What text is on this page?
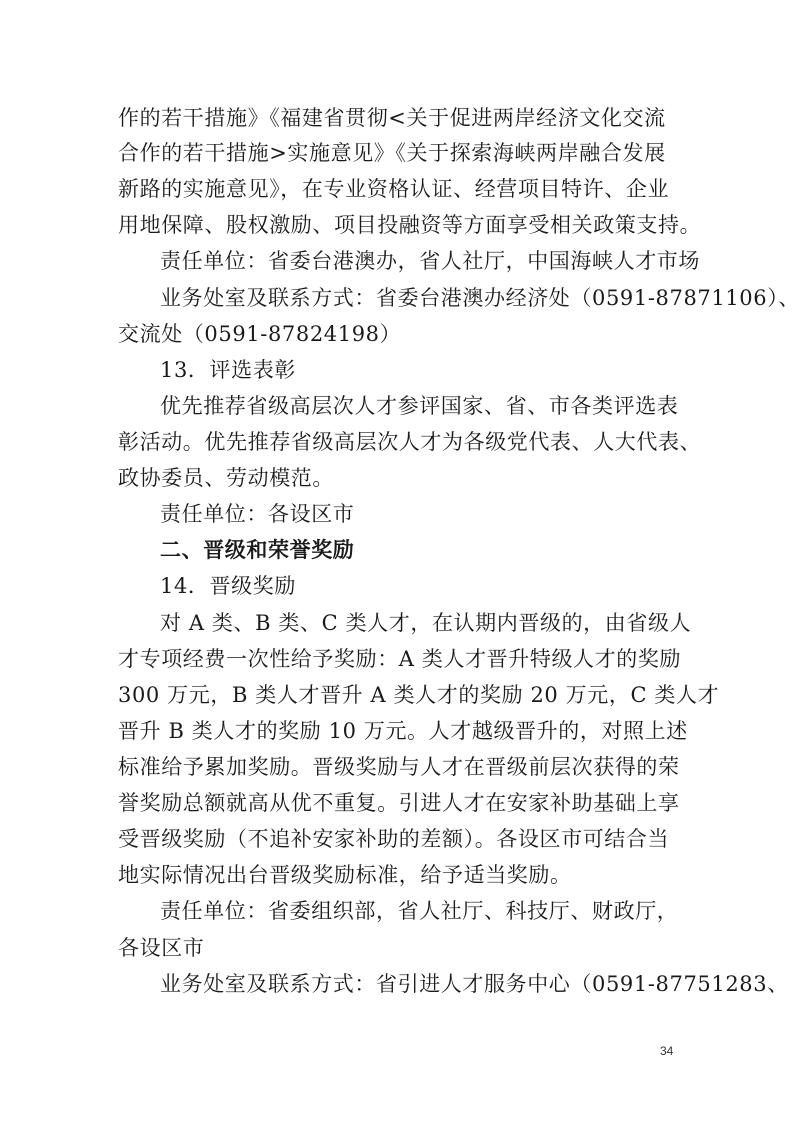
作的若干措施》《福建省贯彻<关于促进两岸经济文化交流
合作的若干措施>实施意见》《关于探索海峡两岸融合发展
新路的实施意见》，在专业资格认证、经营项目特许、企业
用地保障、股权激励、项目投融资等方面享受相关政策支持。
责任单位：省委台港澳办，省人社厅，中国海峡人才市场
业务处室及联系方式：省委台港澳办经济处（0591-87871106）、
交流处（0591-87824198）
13．评选表彰
优先推荐省级高层次人才参评国家、省、市各类评选表
彰活动。优先推荐省级高层次人才为各级党代表、人大代表、
政协委员、劳动模范。
责任单位：各设区市
二、晋级和荣誉奖励
14．晋级奖励
对 A 类、B 类、C 类人才，在认期内晋级的，由省级人
才专项经费一次性给予奖励：A 类人才晋升特级人才的奖励
300 万元，B 类人才晋升 A 类人才的奖励 20 万元，C 类人才
晋升 B 类人才的奖励 10 万元。人才越级晋升的，对照上述
标准给予累加奖励。晋级奖励与人才在晋级前层次获得的荣
誉奖励总额就高从优不重复。引进人才在安家补助基础上享
受晋级奖励（不追补安家补助的差额）。各设区市可结合当
地实际情况出台晋级奖励标准，给予适当奖励。
责任单位：省委组织部，省人社厅、科技厅、财政厅，
各设区市
业务处室及联系方式：省引进人才服务中心（0591-87751283、
34
